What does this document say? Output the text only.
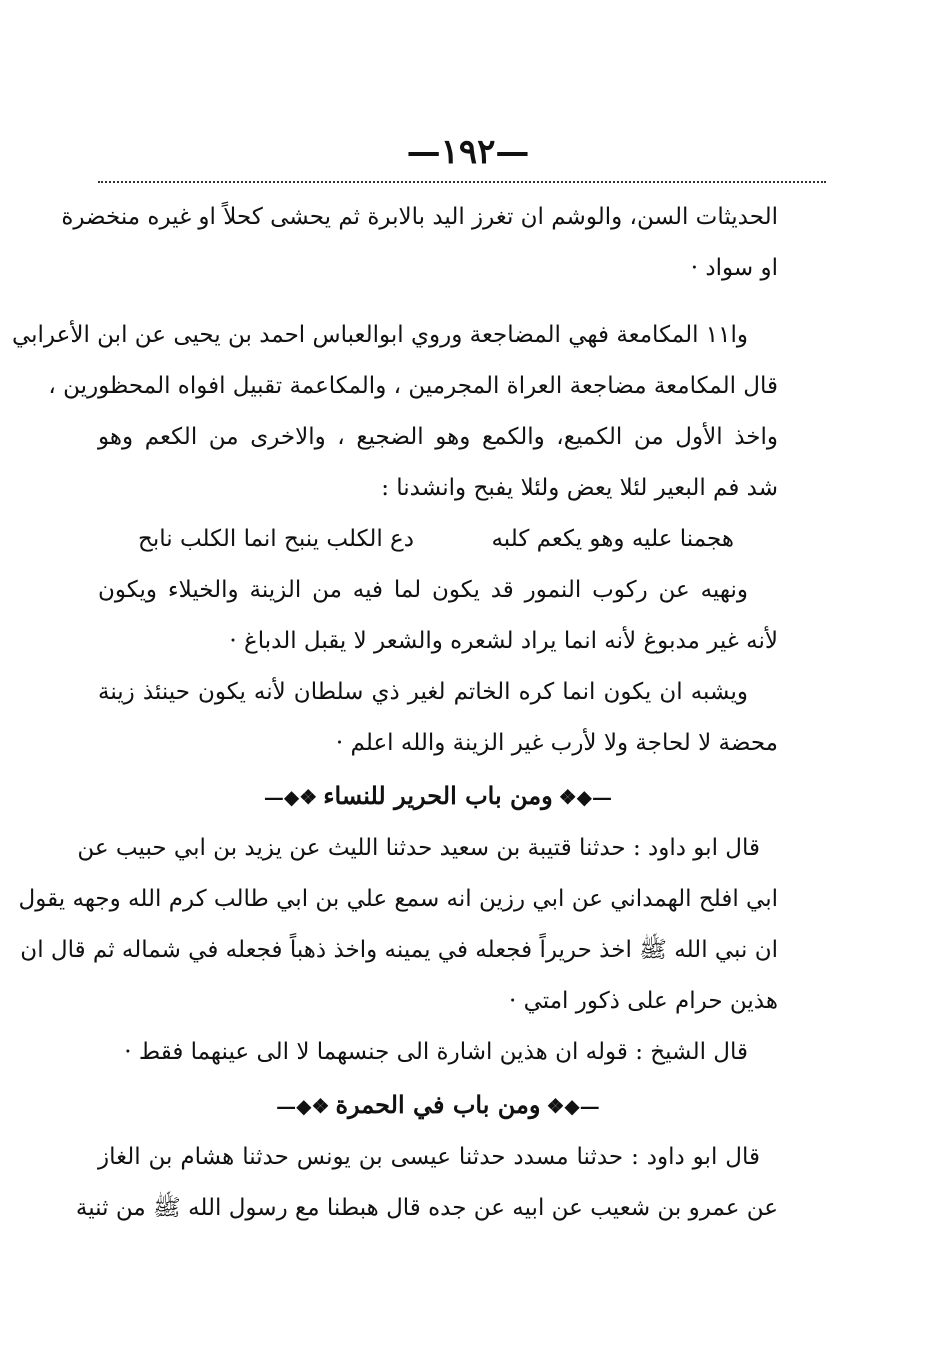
—١٩٢—
الحديثات السن، والوشم ان تغرز اليد بالابرة ثم يحشى كحلاً او غيره منخضرة
او سواد ·
وا١١ المكامعة فهي المضاجعة وروي ابوالعباس احمد بن يحيى عن ابن الأعرابي
قال المكامعة مضاجعة العراة المجرمين ، والمكاعمة تقبيل افواه المحظورين ،
واخذ الأول من الكميع، والكمع وهو الضجيع ، والاخرى من الكعم وهو
شد فم البعير لئلا يعض ولئلا يفبح وانشدنا :
هجمنا عليه وهو يكعم كلبه
دع الكلب ينبح انما الكلب نابح
ونهيه عن ركوب النمور قد يكون لما فيه من الزينة والخيلاء ويكون
لأنه غير مدبوغ لأنه انما يراد لشعره والشعر لا يقبل الدباغ ·
ويشبه ان يكون انما كره الخاتم لغير ذي سلطان لأنه يكون حينئذ زينة
محضة لا لحاجة ولا لأرب غير الزينة والله اعلم ·
—◆❖ومن باب الحرير للنساء❖◆—
قال ابو داود : حدثنا قتيبة بن سعيد حدثنا الليث عن يزيد بن ابي حبيب عن
ابي افلح الهمداني عن ابي رزين انه سمع علي بن ابي طالب كرم الله وجهه يقول
ان نبي الله ﷺ اخذ حريراً فجعله في يمينه واخذ ذهباً فجعله في شماله ثم قال ان
هذين حرام على ذكور امتي ·
قال الشيخ : قوله ان هذين اشارة الى جنسهما لا الى عينهما فقط ·
—◆❖ومن باب في الحمرة❖◆—
قال ابو داود : حدثنا مسدد حدثنا عيسى بن يونس حدثنا هشام بن الغاز
عن عمرو بن شعيب عن ابيه عن جده قال هبطنا مع رسول الله ﷺ من ثنية
